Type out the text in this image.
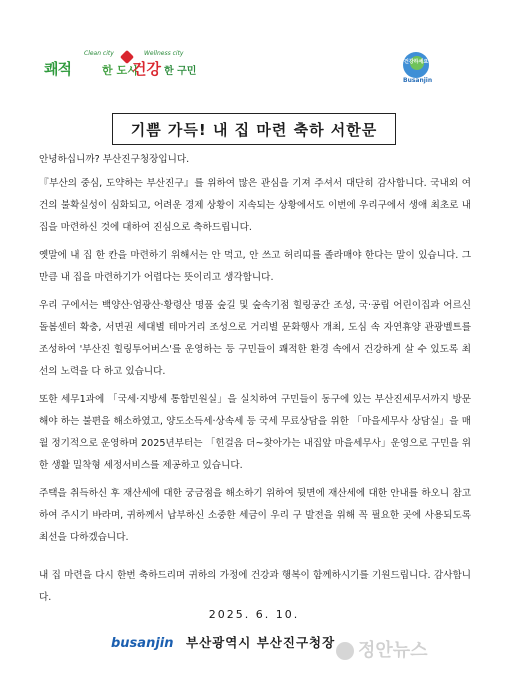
Clean city	Wellness city
쾌적	한 도시
건강 한 구민
건강하세요
Busanjin
기쁨 가득! 내 집 마련 축하 서한문

안녕하십니까? 부산진구청장입니다.

『부산의 중심, 도약하는 부산진구』를 위하여 많은 관심을 기져 주셔서 대단히 감사합니다. 국내외 여건의 불확실성이 심화되고, 어려운 경제 상황이 지속되는 상황에서도 이번에 우리구에서 생애 최초로 내 집을 마련하신 것에 대하여 진심으로 축하드립니다.

옛말에 내 집 한 칸을 마련하기 위해서는 안 먹고, 안 쓰고 허리띠를 졸라매야 한다는 말이 있습니다. 그만큼 내 집을 마련하기가 어렵다는 뜻이리고 생각합니다.

우리 구에서는 백양산·엄광산·황령산 명품 숲길 및 숲속기점 힐링공간 조성, 국·공립 어린이집과 어르신 돌봄센터 확충, 서면권 세대별 테마거리 조성으로 거리별 문화행사 개최, 도심 속 자연휴양 관광벨트를 조성하여 '부산진 힐링투어버스'를 운영하는 등 구민들이 쾌적한 환경 속에서 건강하게 살 수 있도록 최선의 노력을 다 하고 있습니다.

또한 세무1과에 「국세·지방세 통합민원실」을 실치하여 구민들이 동구에 있는 부산진세무서까지 방문해야 하는 불편을 해소하였고, 양도소득세·상속세 등 국세 무료상담을 위한 「마을세무사 상담실」을 매월 정기적으로 운영하며 2025년부터는 「힌걸음 더~찾아가는 내집앞 마을세무사」운영으로 구민을 위한 생활 밀착형 세정서비스를 제공하고 있습니다.

주택을 취득하신 후 재산세에 대한 궁금점을 해소하기 위하여 뒷면에 재산세에 대한 안내를 하오니 참고하여 주시기 바라며, 귀하께서 납부하신 소중한 세금이 우리 구 발전을 위해 꼭 필요한 곳에 사용되도록 최선을 다하겠습니다.

내 집 마련을 다시 한번 축하드리며 귀하의 가정에 건강과 행복이 함께하시기를 기원드립니다. 감사합니다.

2025. 6. 10.
busanjin 부산광역시 부산진구청장	정안뉴스
